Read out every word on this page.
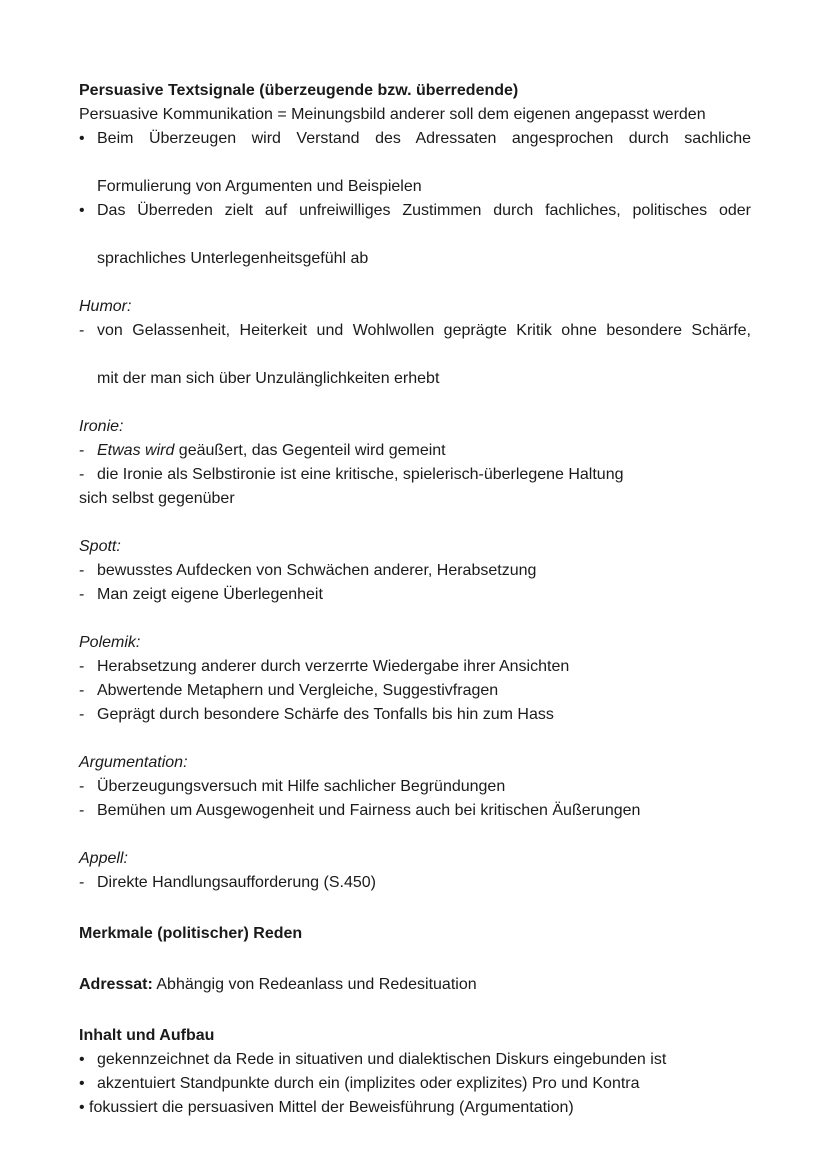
Persuasive Textsignale (überzeugende bzw. überredende)

Persuasive Kommunikation = Meinungsbild anderer soll dem eigenen angepasst werden

• Beim Überzeugen wird Verstand des Adressaten angesprochen durch sachliche
Formulierung von Argumenten und Beispielen
• Das Überreden zielt auf unfreiwilliges Zustimmen durch fachliches, politisches oder
sprachliches Unterlegenheitsgefühl ab

Humor:

- von Gelassenheit, Heiterkeit und Wohlwollen geprägte Kritik ohne besondere Schärfe,
mit der man sich über Unzulänglichkeiten erhebt

Ironie:

- Etwas wird geäußert, das Gegenteil wird gemeint
- die Ironie als Selbstironie ist eine kritische, spielerisch-überlegene Haltung

sich selbst gegenüber

Spott:

- bewusstes Aufdecken von Schwächen anderer, Herabsetzung
- Man zeigt eigene Überlegenheit

Polemik:

- Herabsetzung anderer durch verzerrte Wiedergabe ihrer Ansichten
- Abwertende Metaphern und Vergleiche, Suggestivfragen
- Geprägt durch besondere Schärfe des Tonfalls bis hin zum Hass

Argumentation:

- Überzeugungsversuch mit Hilfe sachlicher Begründungen
- Bemühen um Ausgewogenheit und Fairness auch bei kritischen Äußerungen

Appell:

- Direkte Handlungsaufforderung (S.450)

Merkmale (politischer) Reden

Adressat: Abhängig von Redeanlass und Redesituation

Inhalt und Aufbau

• gekennzeichnet da Rede in situativen und dialektischen Diskurs eingebunden ist
• akzentuiert Standpunkte durch ein (implizites oder explizites) Pro und Kontra

• fokussiert die persuasiven Mittel der Beweisführung (Argumentation)
